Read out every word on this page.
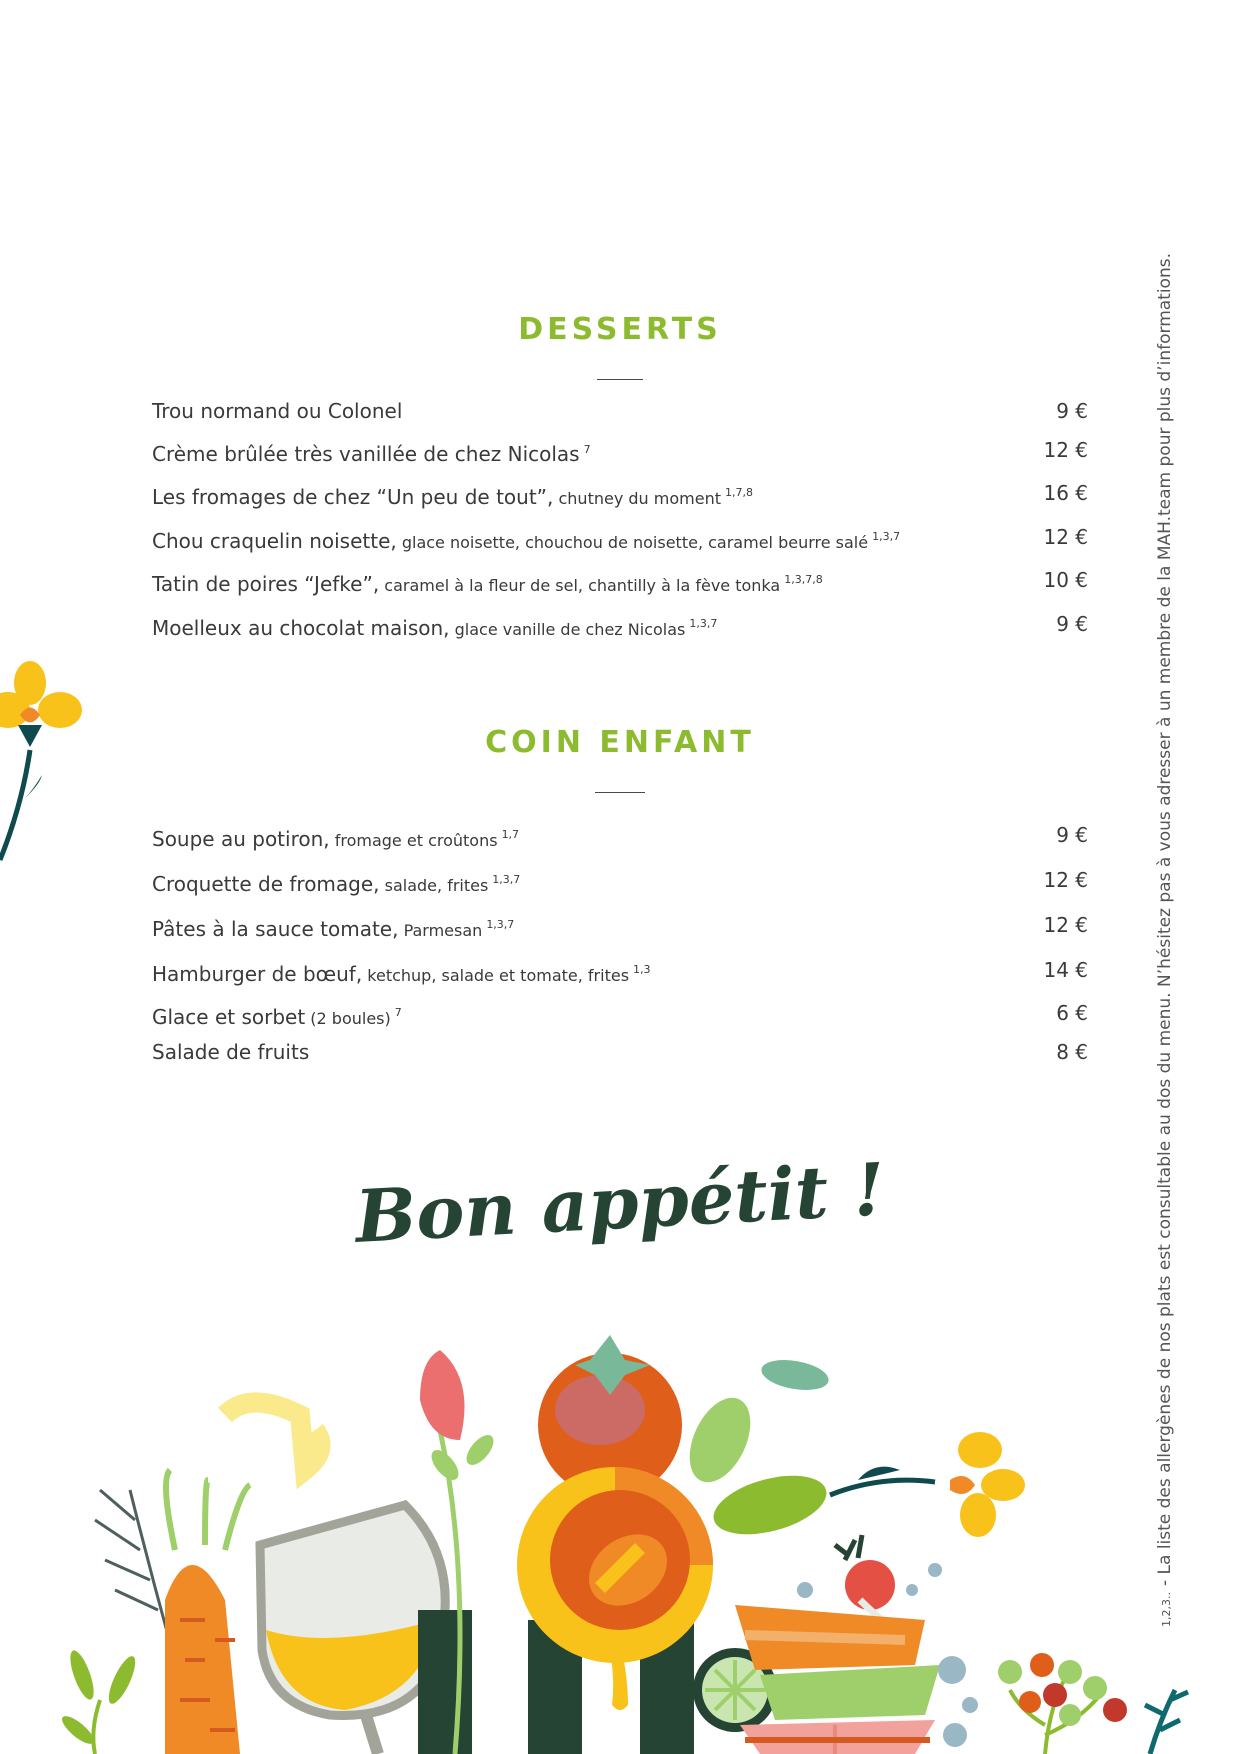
DESSERTS
Trou normand ou Colonel	9 €
Crème brûlée très vanillée de chez Nicolas $^7$	12 €
Les fromages de chez “Un peu de tout”, chutney du moment $^{1,7,8}$	16 €
Chou craquelin noisette, glace noisette, chouchou de noisette, caramel beurre salé $^{1,3,7}$	12 €
Tatin de poires “Jefke”, caramel à la fleur de sel, chantilly à la fève tonka $^{1,3,7,8}$	10 €
Moelleux au chocolat maison, glace vanille de chez Nicolas $^{1,3,7}$	9 €
COIN ENFANT
Soupe au potiron, fromage et croûtons $^{1,7}$	9 €
Croquette de fromage, salade, frites $^{1,3,7}$	12 €
Pâtes à la sauce tomate, Parmesan $^{1,3,7}$	12 €
Hamburger de bœuf, ketchup, salade et tomate, frites $^{1,3}$	14 €
Glace et sorbet (2 boules) $^7$	6 €
Salade de fruits	8 €
Bon appétit !
1,2,3..- La liste des allergènes de nos plats est consultable au dos du menu. N’hésitez pas à vous adresser à un membre de la MAH.team pour plus d’informations.
